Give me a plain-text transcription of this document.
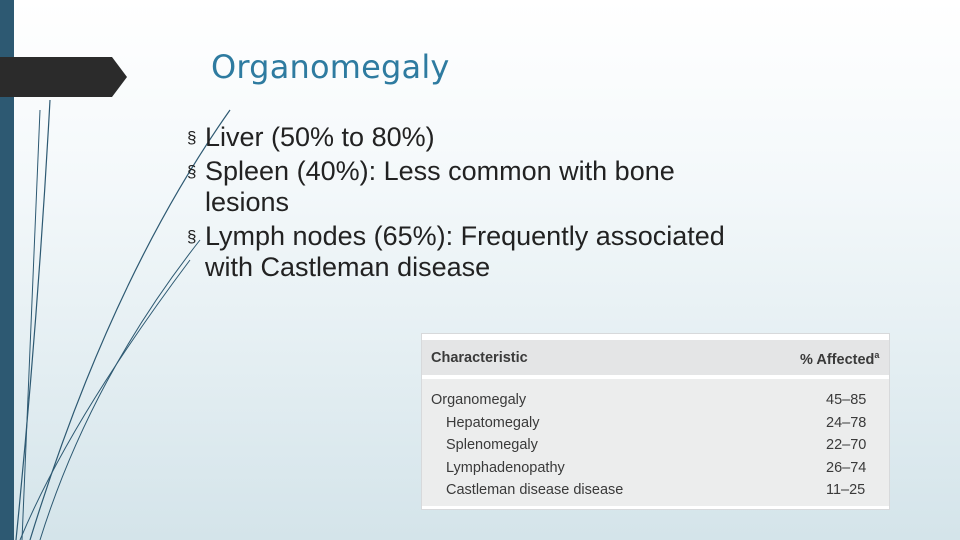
Organomegaly
§ Liver (50% to 80%)
§ Spleen (40%): Less common with bone lesions
§ Lymph nodes (65%): Frequently associated with Castleman disease
Characteristic	% Affected$^a$
Organomegaly	45–85
Hepatomegaly	24–78
Splenomegaly	22–70
Lymphadenopathy	26–74
Castleman disease disease	11–25
